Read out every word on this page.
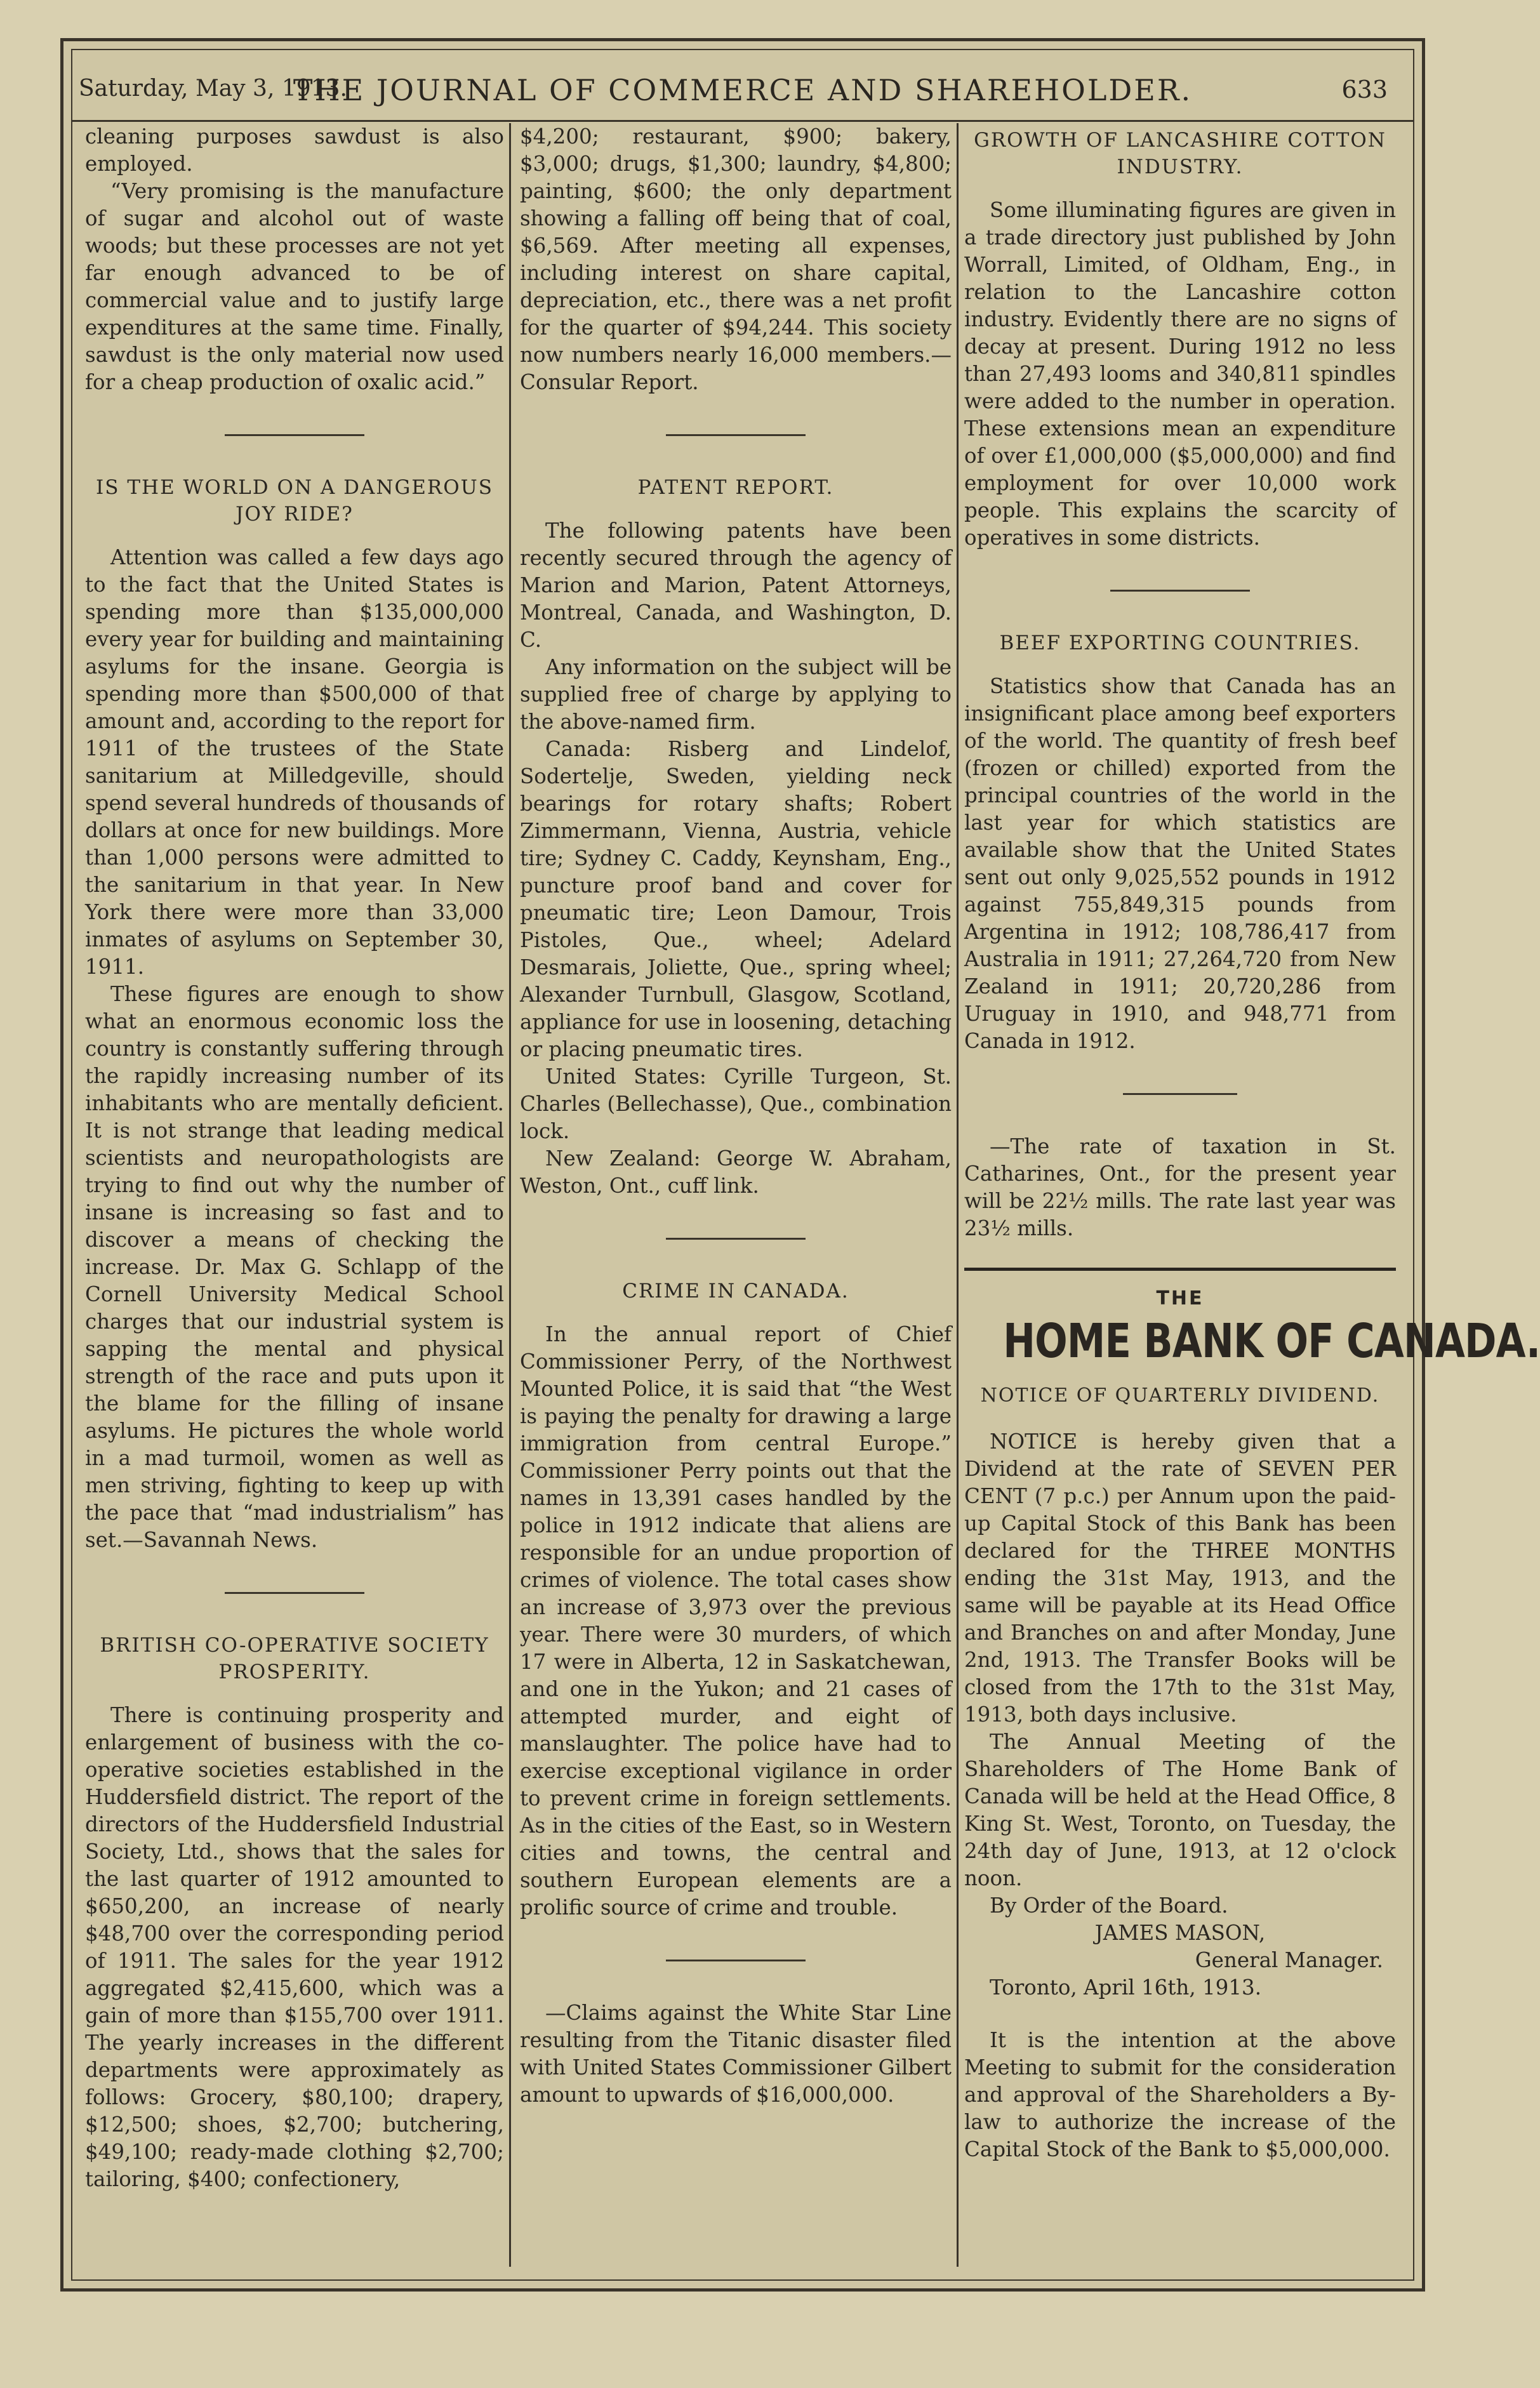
Saturday, May 3, 1913.
THE JOURNAL OF COMMERCE AND SHAREHOLDER.	633

cleaning purposes sawdust is also employed.

“Very promising is the manufacture of sugar and alcohol out of waste woods; but these processes are not yet far enough advanced to be of commercial value and to justify large expenditures at the same time. Finally, sawdust is the only material now used for a cheap production of oxalic acid.”

IS THE WORLD ON A DANGEROUS JOY RIDE?

Attention was called a few days ago to the fact that the United States is spending more than $135,000,000 every year for building and maintaining asylums for the insane. Georgia is spending more than $500,000 of that amount and, according to the report for 1911 of the trustees of the State sanitarium at Milledgeville, should spend several hundreds of thousands of dollars at once for new buildings. More than 1,000 persons were admitted to the sanitarium in that year. In New York there were more than 33,000 inmates of asylums on September 30, 1911.

These figures are enough to show what an enormous economic loss the country is constantly suffering through the rapidly increasing number of its inhabitants who are mentally deficient. It is not strange that leading medical scientists and neuropathologists are trying to find out why the number of insane is increasing so fast and to discover a means of checking the increase. Dr. Max G. Schlapp of the Cornell University Medical School charges that our industrial system is sapping the mental and physical strength of the race and puts upon it the blame for the filling of insane asylums. He pictures the whole world in a mad turmoil, women as well as men striving, fighting to keep up with the pace that “mad industrialism” has set.—Savannah News.

BRITISH CO-OPERATIVE SOCIETY PROSPERITY.

There is continuing prosperity and enlargement of business with the co-operative societies established in the Huddersfield district. The report of the directors of the Huddersfield Industrial Society, Ltd., shows that the sales for the last quarter of 1912 amounted to $650,200, an increase of nearly $48,700 over the corresponding period of 1911. The sales for the year 1912 aggregated $2,415,600, which was a gain of more than $155,700 over 1911. The yearly increases in the different departments were approximately as follows: Grocery, $80,100; drapery, $12,500; shoes, $2,700; butchering, $49,100; ready-made clothing $2,700; tailoring, $400; confectionery,

$4,200; restaurant, $900; bakery, $3,000; drugs, $1,300; laundry, $4,800; painting, $600; the only department showing a falling off being that of coal, $6,569. After meeting all expenses, including interest on share capital, depreciation, etc., there was a net profit for the quarter of $94,244. This society now numbers nearly 16,000 members.—Consular Report.

PATENT REPORT.

The following patents have been recently secured through the agency of Marion and Marion, Patent Attorneys, Montreal, Canada, and Washington, D. C.

Any information on the subject will be supplied free of charge by applying to the above-named firm.

Canada: Risberg and Lindelof, Sodertelje, Sweden, yielding neck bearings for rotary shafts; Robert Zimmermann, Vienna, Austria, vehicle tire; Sydney C. Caddy, Keynsham, Eng., puncture proof band and cover for pneumatic tire; Leon Damour, Trois Pistoles, Que., wheel; Adelard Desmarais, Joliette, Que., spring wheel; Alexander Turnbull, Glasgow, Scotland, appliance for use in loosening, detaching or placing pneumatic tires.

United States: Cyrille Turgeon, St. Charles (Bellechasse), Que., combination lock.

New Zealand: George W. Abraham, Weston, Ont., cuff link.

CRIME IN CANADA.

In the annual report of Chief Commissioner Perry, of the Northwest Mounted Police, it is said that “the West is paying the penalty for drawing a large immigration from central Europe.” Commissioner Perry points out that the names in 13,391 cases handled by the police in 1912 indicate that aliens are responsible for an undue proportion of crimes of violence. The total cases show an increase of 3,973 over the previous year. There were 30 murders, of which 17 were in Alberta, 12 in Saskatchewan, and one in the Yukon; and 21 cases of attempted murder, and eight of manslaughter. The police have had to exercise exceptional vigilance in order to prevent crime in foreign settlements. As in the cities of the East, so in Western cities and towns, the central and southern European elements are a prolific source of crime and trouble.

—Claims against the White Star Line resulting from the Titanic disaster filed with United States Commissioner Gilbert amount to upwards of $16,000,000.

GROWTH OF LANCASHIRE COTTON INDUSTRY.

Some illuminating figures are given in a trade directory just published by John Worrall, Limited, of Oldham, Eng., in relation to the Lancashire cotton industry. Evidently there are no signs of decay at present. During 1912 no less than 27,493 looms and 340,811 spindles were added to the number in operation. These extensions mean an expenditure of over £1,000,000 ($5,000,000) and find employment for over 10,000 work people. This explains the scarcity of operatives in some districts.

BEEF EXPORTING COUNTRIES.

Statistics show that Canada has an insignificant place among beef exporters of the world. The quantity of fresh beef (frozen or chilled) exported from the principal countries of the world in the last year for which statistics are available show that the United States sent out only 9,025,552 pounds in 1912 against 755,849,315 pounds from Argentina in 1912; 108,786,417 from Australia in 1911; 27,264,720 from New Zealand in 1911; 20,720,286 from Uruguay in 1910, and 948,771 from Canada in 1912.

—The rate of taxation in St. Catharines, Ont., for the present year will be 22½ mills. The rate last year was 23½ mills.

THE
HOME BANK OF CANADA.
NOTICE OF QUARTERLY DIVIDEND.

NOTICE is hereby given that a Dividend at the rate of SEVEN PER CENT (7 p.c.) per Annum upon the paid-up Capital Stock of this Bank has been declared for the THREE MONTHS ending the 31st May, 1913, and the same will be payable at its Head Office and Branches on and after Monday, June 2nd, 1913. The Transfer Books will be closed from the 17th to the 31st May, 1913, both days inclusive.

The Annual Meeting of the Shareholders of The Home Bank of Canada will be held at the Head Office, 8 King St. West, Toronto, on Tuesday, the 24th day of June, 1913, at 12 o'clock noon.

By Order of the Board.

JAMES MASON,

General Manager.

Toronto, April 16th, 1913.

It is the intention at the above Meeting to submit for the consideration and approval of the Shareholders a By-law to authorize the increase of the Capital Stock of the Bank to $5,000,000.
